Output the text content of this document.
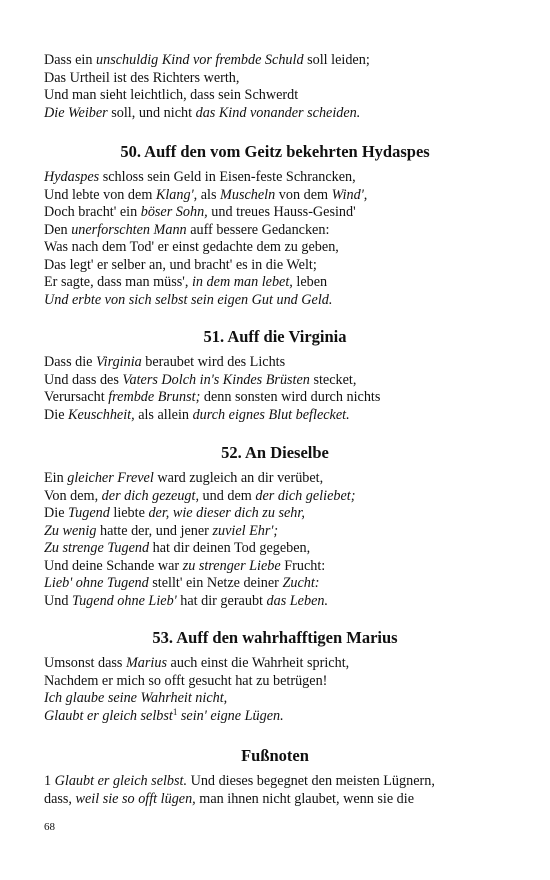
Dass ein unschuldig Kind vor frembde Schuld soll leiden;
Das Urtheil ist des Richters werth,
Und man sieht leichtlich, dass sein Schwerdt
Die Weiber soll, und nicht das Kind vonander scheiden.
50. Auff den vom Geitz bekehrten Hydaspes
Hydaspes schloss sein Geld in Eisen-feste Schrancken,
Und lebte von dem Klang', als Muscheln von dem Wind',
Doch bracht' ein böser Sohn, und treues Hauss-Gesind'
Den unerforschten Mann auff bessere Gedancken:
Was nach dem Tod' er einst gedachte dem zu geben,
Das legt' er selber an, und bracht' es in die Welt;
Er sagte, dass man müss', in dem man lebet, leben
Und erbte von sich selbst sein eigen Gut und Geld.
51. Auff die Virginia
Dass die Virginia beraubet wird des Lichts
Und dass des Vaters Dolch in's Kindes Brüsten stecket,
Verursacht frembde Brunst; denn sonsten wird durch nichts
Die Keuschheit, als allein durch eignes Blut beflecket.
52. An Dieselbe
Ein gleicher Frevel ward zugleich an dir verübet,
Von dem, der dich gezeugt, und dem der dich geliebet;
Die Tugend liebte der, wie dieser dich zu sehr,
Zu wenig hatte der, und jener zuviel Ehr';
Zu strenge Tugend hat dir deinen Tod gegeben,
Und deine Schande war zu strenger Liebe Frucht:
Lieb' ohne Tugend stellt' ein Netze deiner Zucht:
Und Tugend ohne Lieb' hat dir geraubt das Leben.
53. Auff den wahrhafftigen Marius
Umsonst dass Marius auch einst die Wahrheit spricht,
Nachdem er mich so offt gesucht hat zu betrügen!
Ich glaube seine Wahrheit nicht,
Glaubt er gleich selbst$^1$ sein' eigne Lügen.
Fußnoten
1 Glaubt er gleich selbst. Und dieses begegnet den meisten Lügnern,
dass, weil sie so offt lügen, man ihnen nicht glaubet, wenn sie die
68
